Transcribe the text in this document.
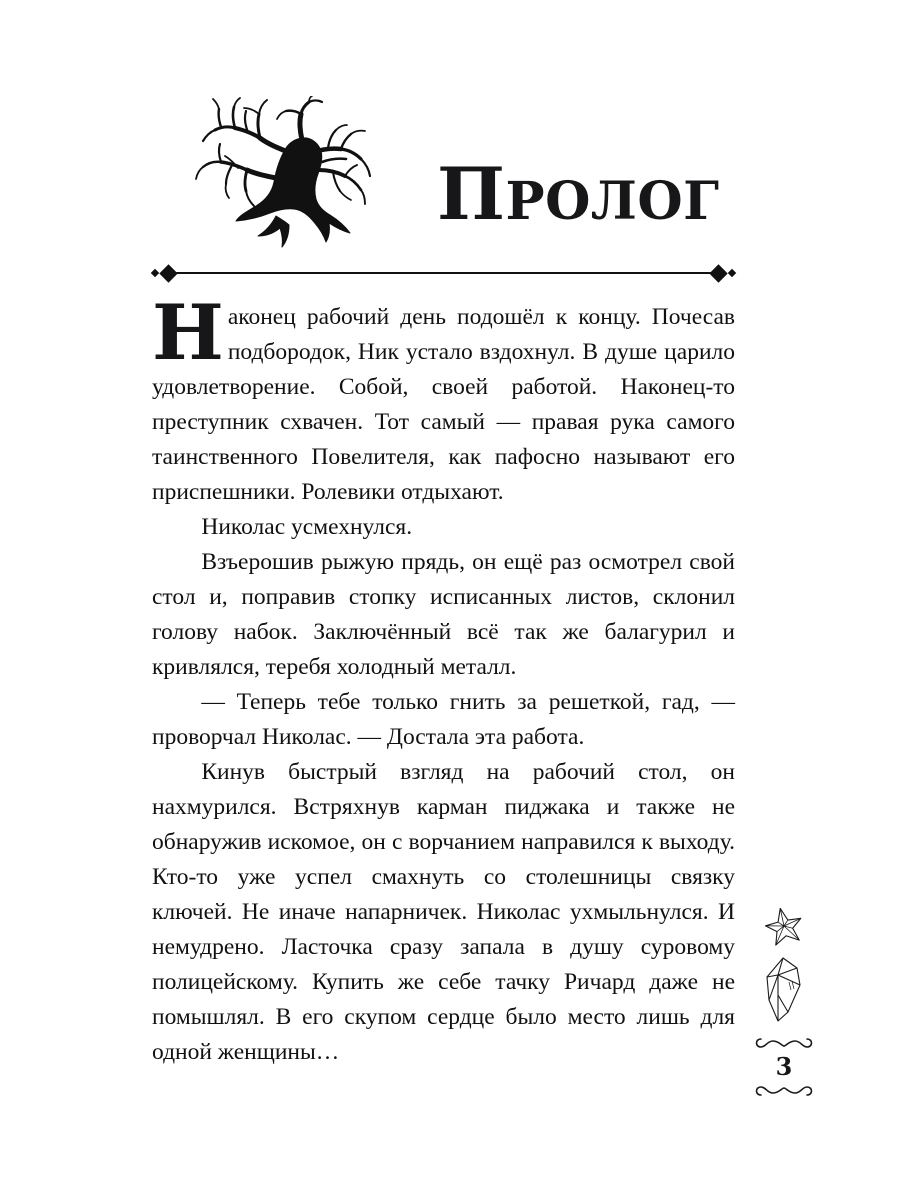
ПРОЛОГ

Наконец рабочий день подошёл к концу. Почесав подбородок, Ник устало вздохнул. В душе царило удовлетворение. Собой, своей работой. Наконец-то преступник схвачен. Тот самый — правая рука самого таинственного Повелителя, как пафосно называют его приспешники. Ролевики отдыхают.

Николас усмехнулся.

Взъерошив рыжую прядь, он ещё раз осмотрел свой стол и, поправив стопку исписанных листов, склонил голову набок. Заключённый всё так же балагурил и кривлялся, теребя холодный металл.

— Теперь тебе только гнить за решеткой, гад, — проворчал Николас. — Достала эта работа.

Кинув быстрый взгляд на рабочий стол, он нахмурился. Встряхнув карман пиджака и также не обнаружив искомое, он с ворчанием направился к выходу. Кто-то уже успел смахнуть со столешницы связку ключей. Не иначе напарничек. Николас ухмыльнулся. И немудрено. Ласточка сразу запала в душу суровому полицейскому. Купить же себе тачку Ричард даже не помышлял. В его скупом сердце было место лишь для одной женщины…	3
